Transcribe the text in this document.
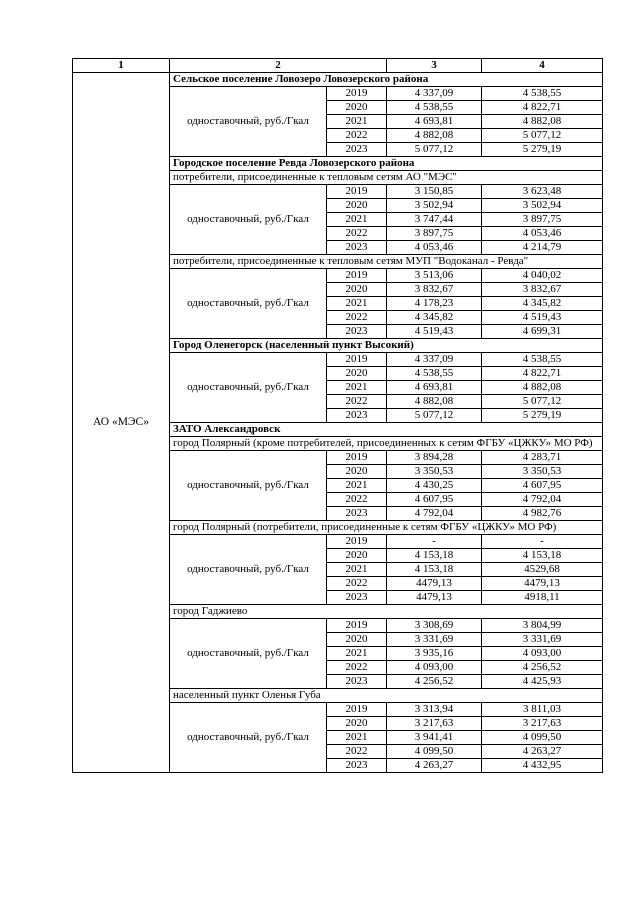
1	2		3	4
АО «МЭС»	Сельское поселение Ловозеро Ловозерского района			
	одноставочный, руб./Гкал	2019	4 337,09	4 538,55
		2020	4 538,55	4 822,71
		2021	4 693,81	4 882,08
		2022	4 882,08	5 077,12
		2023	5 077,12	5 279,19
	Городское поселение Ревда Ловозерского района			
	потребители, присоединенные к тепловым сетям АО "МЭС"			
	одноставочный, руб./Гкал	2019	3 150,85	3 623,48
		2020	3 502,94	3 502,94
		2021	3 747,44	3 897,75
		2022	3 897,75	4 053,46
		2023	4 053,46	4 214,79
	потребители, присоединенные к тепловым сетям МУП "Водоканал - Ревда"			
	одноставочный, руб./Гкал	2019	3 513,06	4 040,02
		2020	3 832,67	3 832,67
		2021	4 178,23	4 345,82
		2022	4 345,82	4 519,43
		2023	4 519,43	4 699,31
	Город Оленегорск (населенный пункт Высокий)			
	одноставочный, руб./Гкал	2019	4 337,09	4 538,55
		2020	4 538,55	4 822,71
		2021	4 693,81	4 882,08
		2022	4 882,08	5 077,12
		2023	5 077,12	5 279,19
	ЗАТО Александровск			
	город Полярный (кроме потребителей, присоединенных к сетям ФГБУ «ЦЖКУ» МО РФ)			
	одноставочный, руб./Гкал	2019	3 894,28	4 283,71
		2020	3 350,53	3 350,53
		2021	4 430,25	4 607,95
		2022	4 607,95	4 792,04
		2023	4 792,04	4 982,76
	город Полярный (потребители, присоединенные к сетям ФГБУ «ЦЖКУ» МО РФ)			
	одноставочный, руб./Гкал	2019	-	-
		2020	4 153,18	4 153,18
		2021	4 153,18	4529,68
		2022	4479,13	4479,13
		2023	4479,13	4918,11
	город Гаджиево			
	одноставочный, руб./Гкал	2019	3 308,69	3 804,99
		2020	3 331,69	3 331,69
		2021	3 935,16	4 093,00
		2022	4 093,00	4 256,52
		2023	4 256,52	4 425,93
	населенный пункт Оленья Губа			
	одноставочный, руб./Гкал	2019	3 313,94	3 811,03
		2020	3 217,63	3 217,63
		2021	3 941,41	4 099,50
		2022	4 099,50	4 263,27
		2023	4 263,27	4 432,95
